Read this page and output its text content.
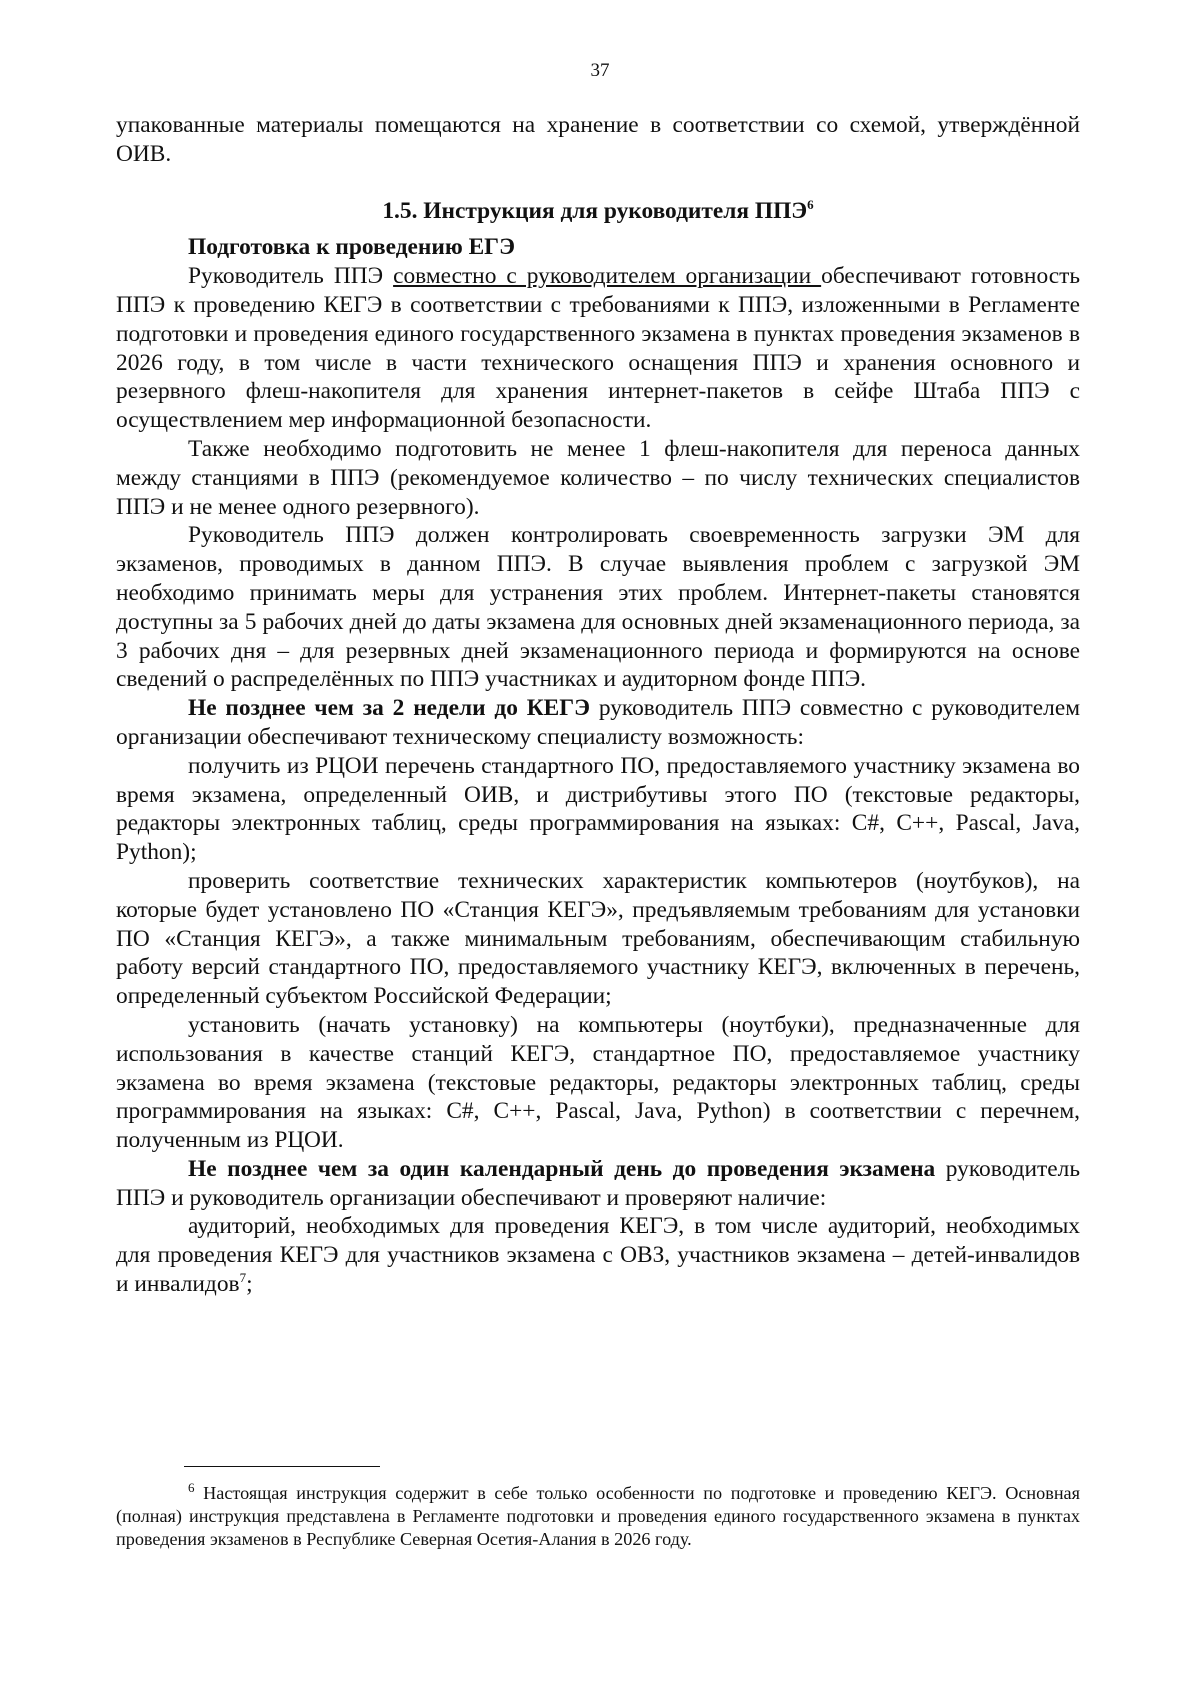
37

упакованные материалы помещаются на хранение в соответствии со схемой, утверждённой ОИВ.

1.5. Инструкция для руководителя ППЭ$^6$

Подготовка к проведению ЕГЭ

Руководитель ППЭ совместно с руководителем организации обеспечивают готовность ППЭ к проведению КЕГЭ в соответствии с требованиями к ППЭ, изложенными в Регламенте подготовки и проведения единого государственного экзамена в пунктах проведения экзаменов в 2026 году, в том числе в части технического оснащения ППЭ и хранения основного и резервного флеш-накопителя для хранения интернет-пакетов в сейфе Штаба ППЭ с осуществлением мер информационной безопасности.

Также необходимо подготовить не менее 1 флеш-накопителя для переноса данных между станциями в ППЭ (рекомендуемое количество – по числу технических специалистов ППЭ и не менее одного резервного).

Руководитель ППЭ должен контролировать своевременность загрузки ЭМ для экзаменов, проводимых в данном ППЭ. В случае выявления проблем с загрузкой ЭМ необходимо принимать меры для устранения этих проблем. Интернет-пакеты становятся доступны за 5 рабочих дней до даты экзамена для основных дней экзаменационного периода, за 3 рабочих дня – для резервных дней экзаменационного периода и формируются на основе сведений о распределённых по ППЭ участниках и аудиторном фонде ППЭ.

Не позднее чем за 2 недели до КЕГЭ руководитель ППЭ совместно с руководителем организации обеспечивают техническому специалисту возможность:

получить из РЦОИ перечень стандартного ПО, предоставляемого участнику экзамена во время экзамена, определенный ОИВ, и дистрибутивы этого ПО (текстовые редакторы, редакторы электронных таблиц, среды программирования на языках: C#, C++, Pascal, Java, Python);

проверить соответствие технических характеристик компьютеров (ноутбуков), на которые будет установлено ПО «Станция КЕГЭ», предъявляемым требованиям для установки ПО «Станция КЕГЭ», а также минимальным требованиям, обеспечивающим стабильную работу версий стандартного ПО, предоставляемого участнику КЕГЭ, включенных в перечень, определенный субъектом Российской Федерации;

установить (начать установку) на компьютеры (ноутбуки), предназначенные для использования в качестве станций КЕГЭ, стандартное ПО, предоставляемое участнику экзамена во время экзамена (текстовые редакторы, редакторы электронных таблиц, среды программирования на языках: C#, C++, Pascal, Java, Python) в соответствии с перечнем, полученным из РЦОИ.

Не позднее чем за один календарный день до проведения экзамена руководитель ППЭ и руководитель организации обеспечивают и проверяют наличие:

аудиторий, необходимых для проведения КЕГЭ, в том числе аудиторий, необходимых для проведения КЕГЭ для участников экзамена с ОВЗ, участников экзамена – детей-инвалидов и инвалидов$^7$;

$^6$ Настоящая инструкция содержит в себе только особенности по подготовке и проведению КЕГЭ. Основная (полная) инструкция представлена в Регламенте подготовки и проведения единого государственного экзамена в пунктах проведения экзаменов в Республике Северная Осетия-Алания в 2026 году.
